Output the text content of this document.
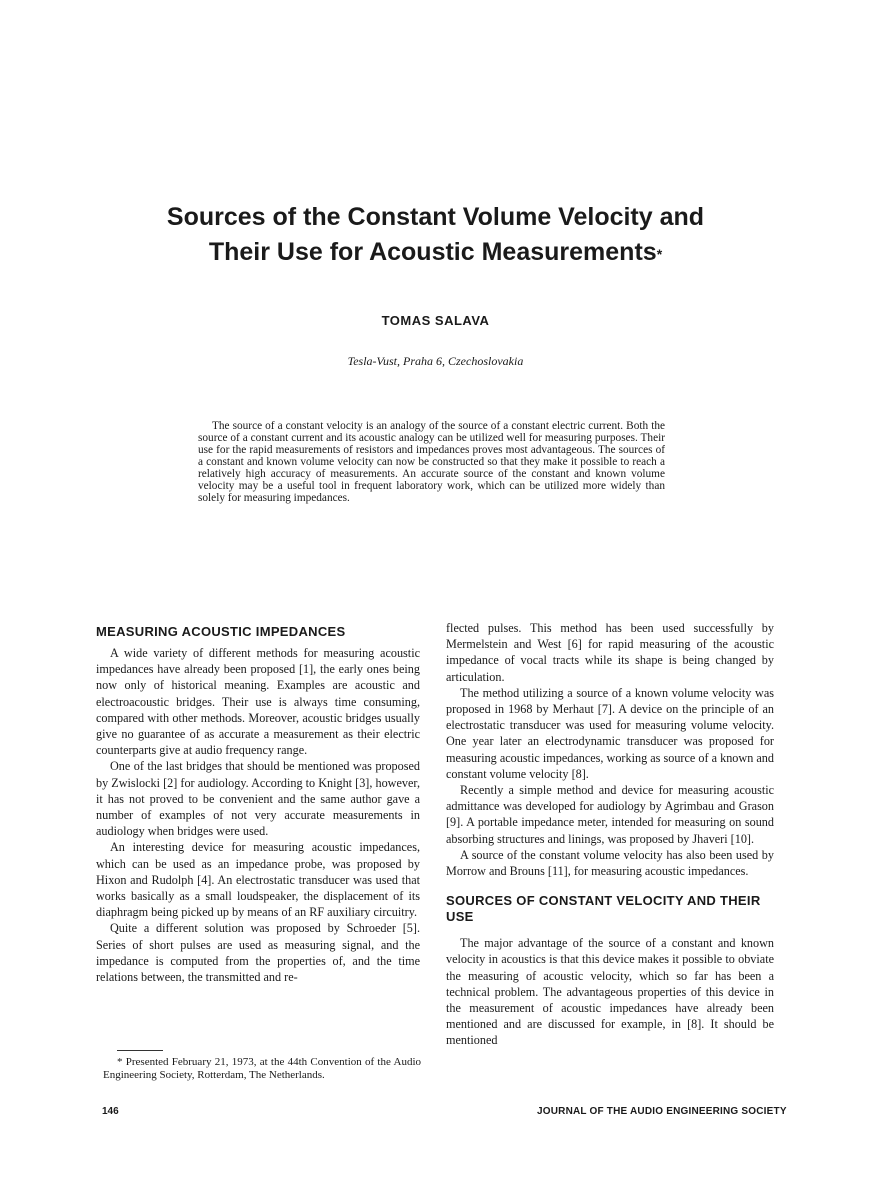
Sources of the Constant Volume Velocity and
Their Use for Acoustic Measurements*
TOMAS SALAVA
Tesla-Vust, Praha 6, Czechoslovakia

The source of a constant velocity is an analogy of the source of a constant electric current. Both the source of a constant current and its acoustic analogy can be utilized well for measuring purposes. Their use for the rapid measurements of resistors and impedances proves most advantageous. The sources of a constant and known volume velocity can now be constructed so that they make it possible to reach a relatively high accuracy of measurements. An accurate source of the constant and known volume velocity may be a useful tool in frequent laboratory work, which can be utilized more widely than solely for measuring impedances.

MEASURING ACOUSTIC IMPEDANCES

A wide variety of different methods for measuring acoustic impedances have already been proposed [1], the early ones being now only of historical meaning. Examples are acoustic and electroacoustic bridges. Their use is always time consuming, compared with other methods. Moreover, acoustic bridges usually give no guarantee of as accurate a measurement as their electric counterparts give at audio frequency range.

One of the last bridges that should be mentioned was proposed by Zwislocki [2] for audiology. According to Knight [3], however, it has not proved to be convenient and the same author gave a number of examples of not very accurate measurements in audiology when bridges were used.

An interesting device for measuring acoustic impedances, which can be used as an impedance probe, was proposed by Hixon and Rudolph [4]. An electrostatic transducer was used that works basically as a small loudspeaker, the displacement of its diaphragm being picked up by means of an RF auxiliary circuitry.

Quite a different solution was proposed by Schroeder [5]. Series of short pulses are used as measuring signal, and the impedance is computed from the properties of, and the time relations between, the transmitted and re-

flected pulses. This method has been used successfully by Mermelstein and West [6] for rapid measuring of the acoustic impedance of vocal tracts while its shape is being changed by articulation.

The method utilizing a source of a known volume velocity was proposed in 1968 by Merhaut [7]. A device on the principle of an electrostatic transducer was used for measuring volume velocity. One year later an electrodynamic transducer was proposed for measuring acoustic impedances, working as source of a known and constant volume velocity [8].

Recently a simple method and device for measuring acoustic admittance was developed for audiology by Agrimbau and Grason [9]. A portable impedance meter, intended for measuring on sound absorbing structures and linings, was proposed by Jhaveri [10].

A source of the constant volume velocity has also been used by Morrow and Brouns [11], for measuring acoustic impedances.

SOURCES OF CONSTANT VELOCITY AND THEIR USE

The major advantage of the source of a constant and known velocity in acoustics is that this device makes it possible to obviate the measuring of acoustic velocity, which so far has been a technical problem. The advantageous properties of this device in the measurement of acoustic impedances have already been mentioned and are discussed for example, in [8]. It should be mentioned

* Presented February 21, 1973, at the 44th Convention of the Audio Engineering Society, Rotterdam, The Netherlands.

146	JOURNAL OF THE AUDIO ENGINEERING SOCIETY
